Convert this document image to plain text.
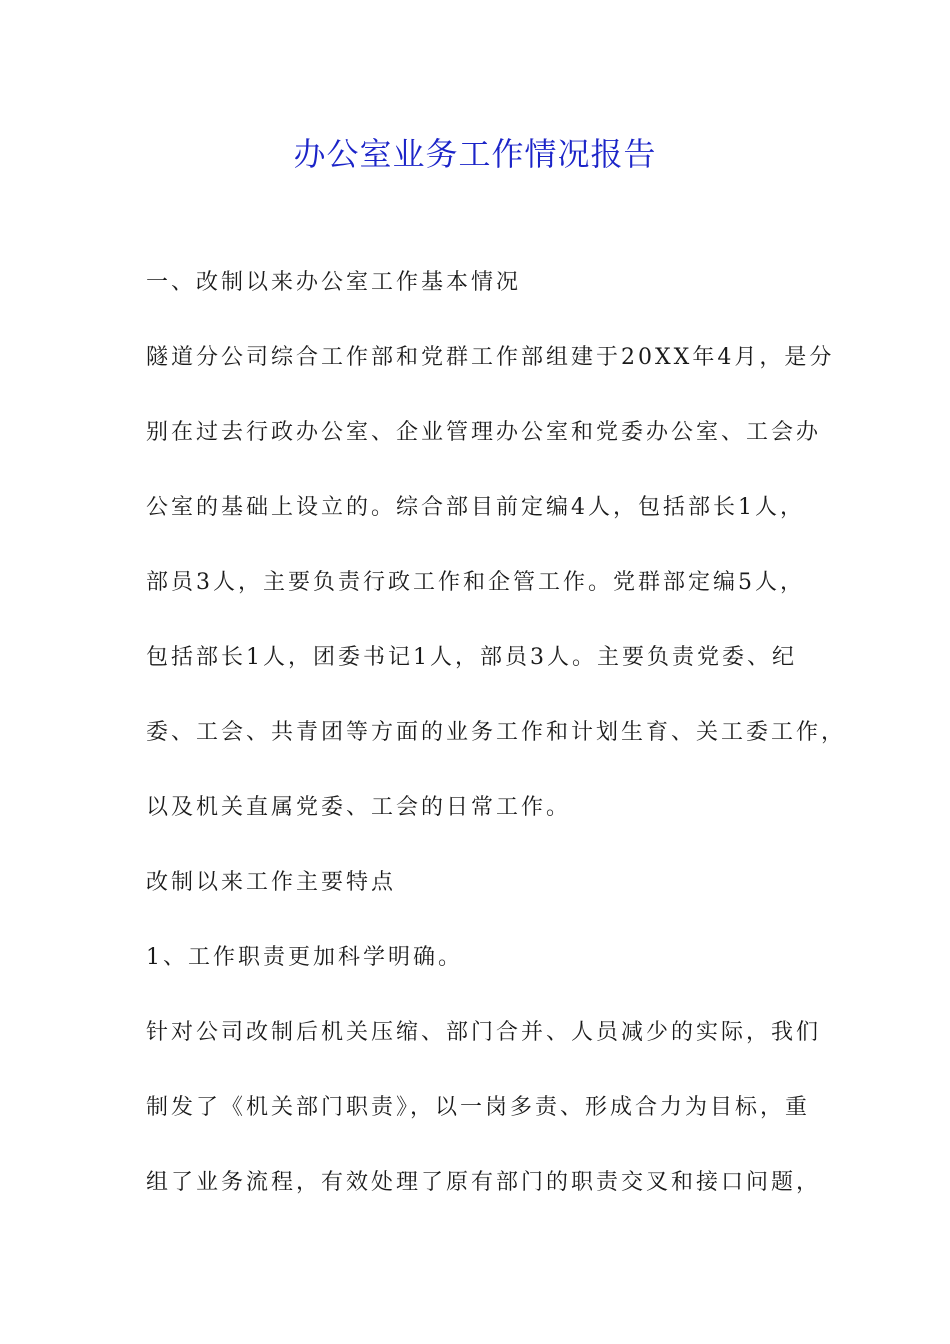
办公室业务工作情况报告
一、改制以来办公室工作基本情况
隧道分公司综合工作部和党群工作部组建于20XX年4月，是分
别在过去行政办公室、企业管理办公室和党委办公室、工会办
公室的基础上设立的。综合部目前定编4人，包括部长1人，
部员3人，主要负责行政工作和企管工作。党群部定编5人，
包括部长1人，团委书记1人，部员3人。主要负责党委、纪
委、工会、共青团等方面的业务工作和计划生育、关工委工作，
以及机关直属党委、工会的日常工作。
改制以来工作主要特点
1、工作职责更加科学明确。
针对公司改制后机关压缩、部门合并、人员减少的实际，我们
制发了《机关部门职责》，以一岗多责、形成合力为目标，重
组了业务流程，有效处理了原有部门的职责交叉和接口问题，
